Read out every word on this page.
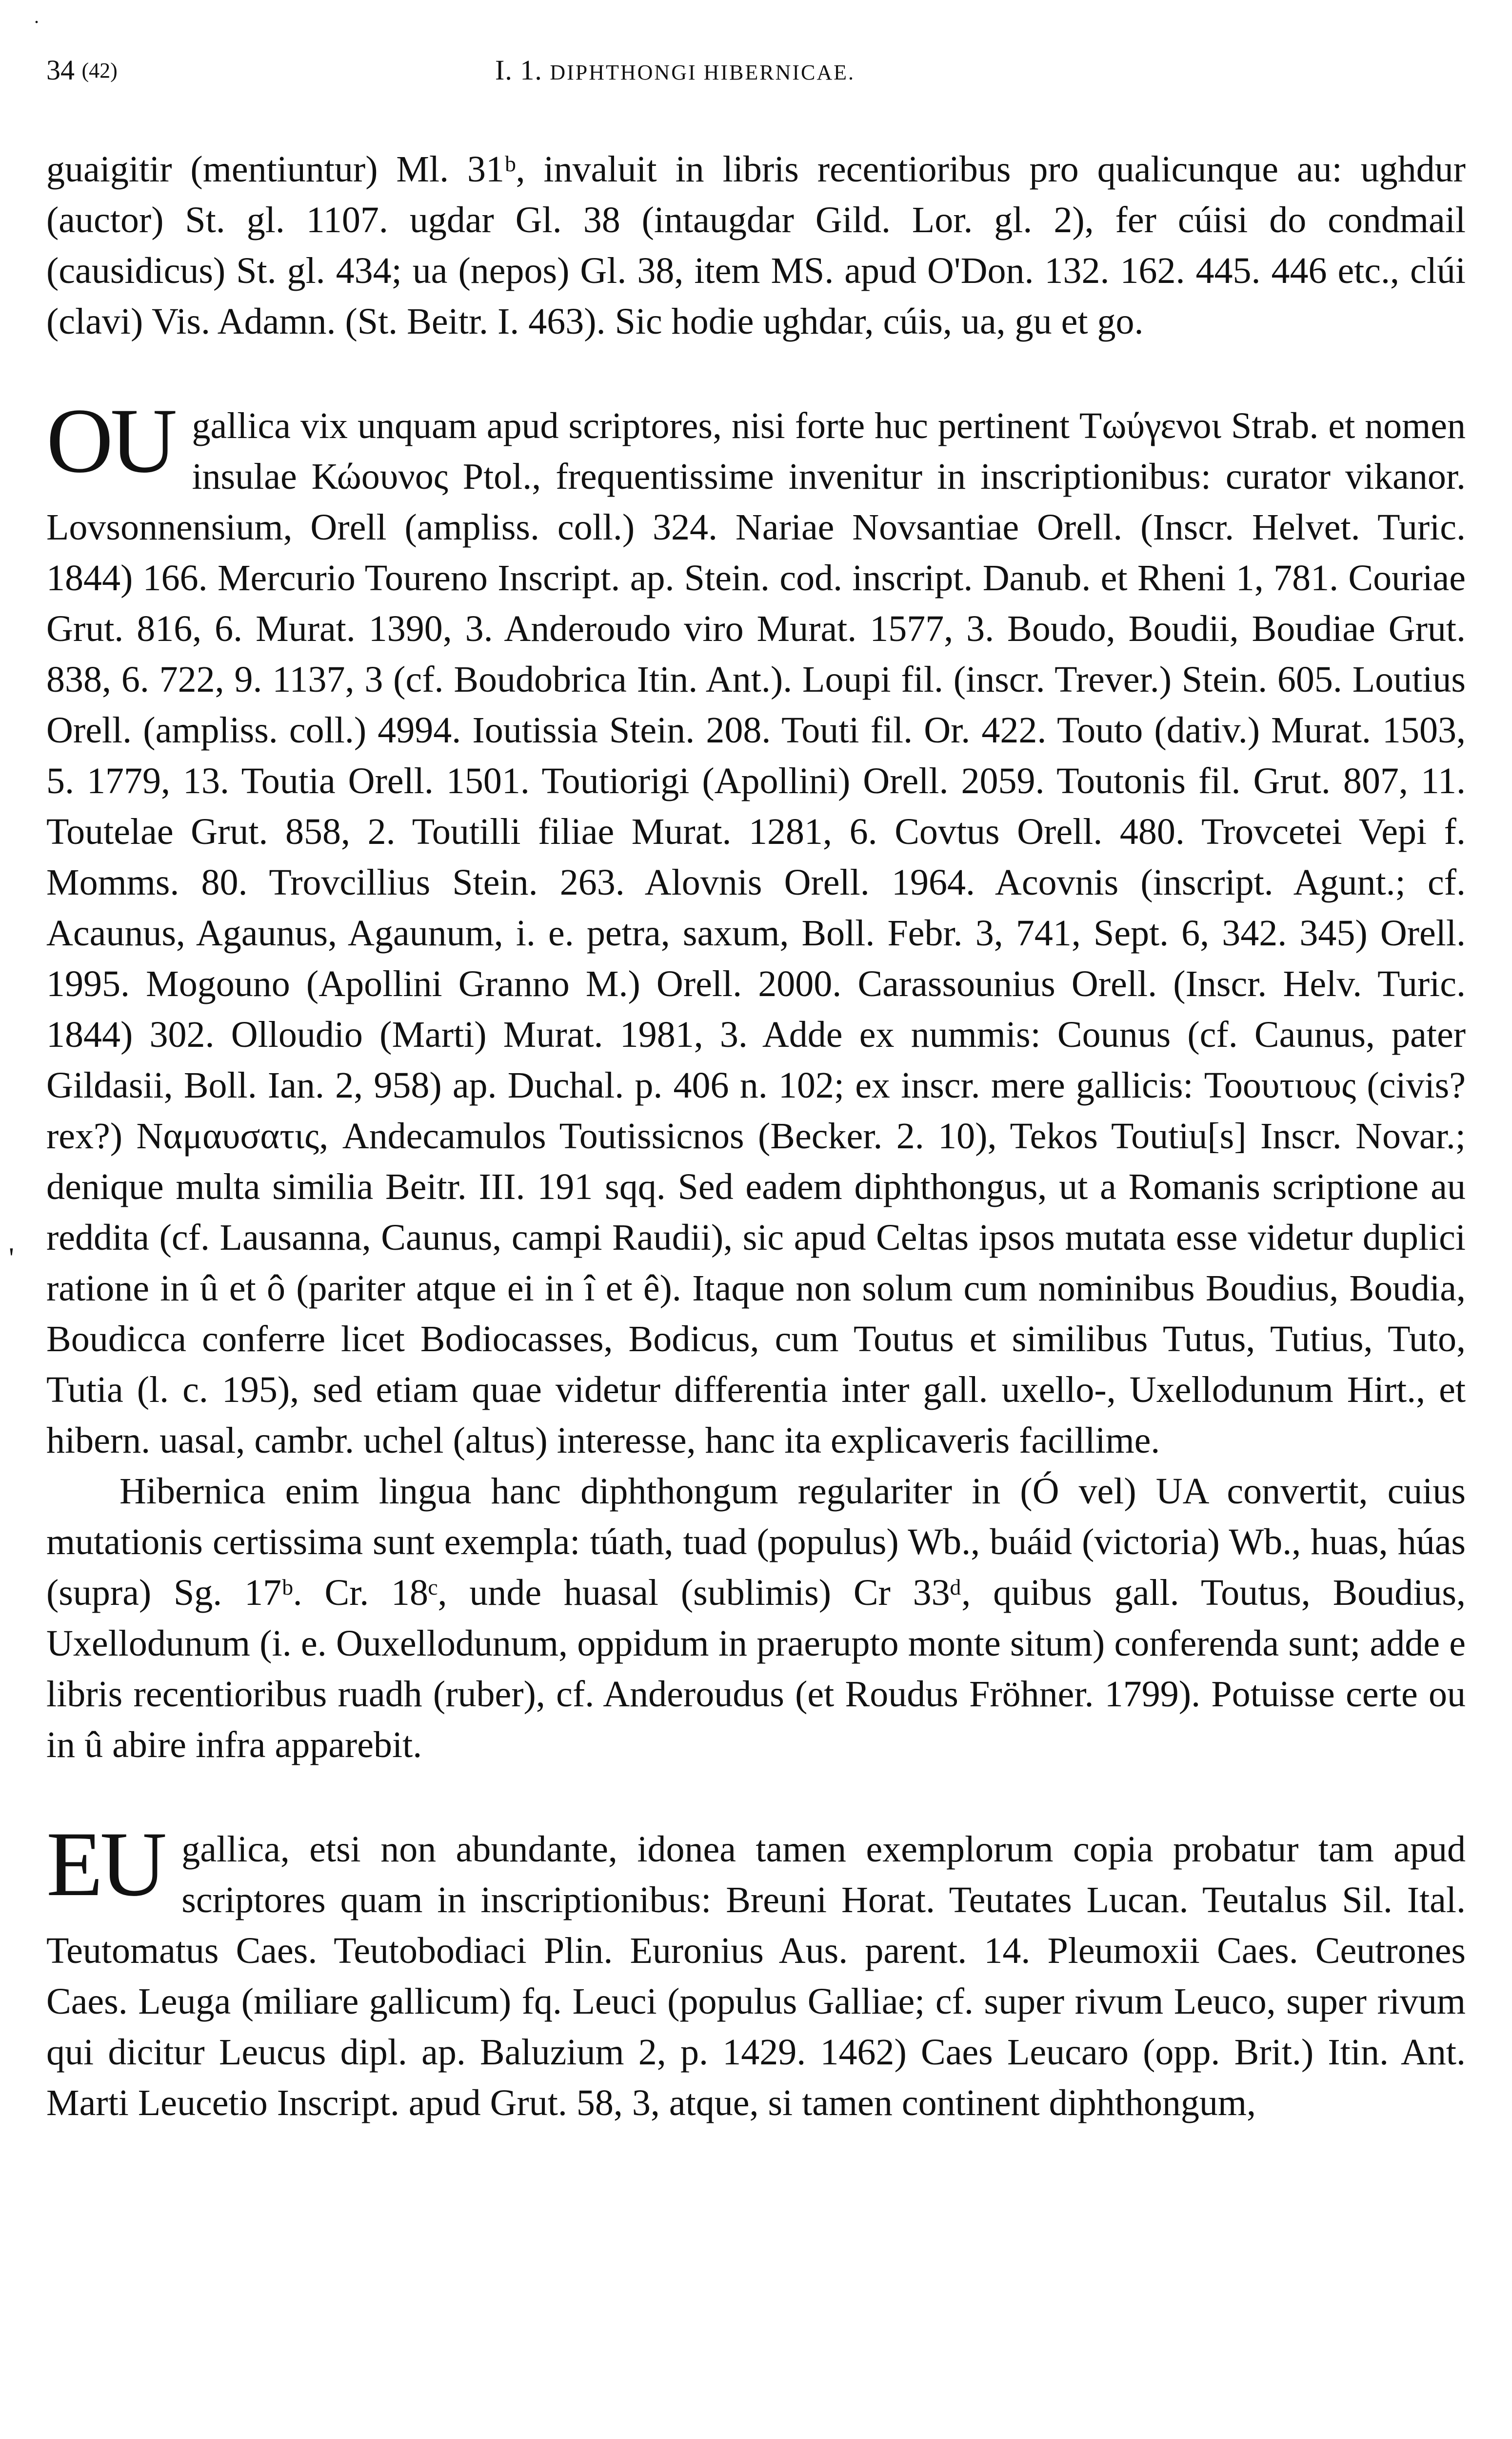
.
34 (42)	I. 1. DIPHTHONGI HIBERNICAE.

guaigitir (mentiuntur) Ml. 31ᵇ, invaluit in libris recentioribus pro qualicunque au: ughdur (auctor) St. gl. 1107. ugdar Gl. 38 (intaugdar Gild. Lor. gl. 2), fer cúisi do condmail (causidicus) St. gl. 434; ua (nepos) Gl. 38, item MS. apud O'Don. 132. 162. 445. 446 etc., clúi (clavi) Vis. Adamn. (St. Beitr. I. 463). Sic hodie ughdar, cúis, ua, gu et go.

OU gallica vix unquam apud scriptores, nisi forte huc pertinent Τωύγενοι Strab. et nomen insulae Κώουνος Ptol., frequentissime invenitur in inscriptionibus: curator vikanor. Lovsonnensium, Orell (ampliss. coll.) 324. Nariae Novsantiae Orell. (Inscr. Helvet. Turic. 1844) 166. Mercurio Toureno Inscript. ap. Stein. cod. inscript. Danub. et Rheni 1, 781. Couriae Grut. 816, 6. Murat. 1390, 3. Anderoudo viro Murat. 1577, 3. Boudo, Boudii, Boudiae Grut. 838, 6. 722, 9. 1137, 3 (cf. Boudobrica Itin. Ant.). Loupi fil. (inscr. Trever.) Stein. 605. Loutius Orell. (ampliss. coll.) 4994. Ioutissia Stein. 208. Touti fil. Or. 422. Touto (dativ.) Murat. 1503, 5. 1779, 13. Toutia Orell. 1501. Toutiorigi (Apollini) Orell. 2059. Toutonis fil. Grut. 807, 11. Toutelae Grut. 858, 2. Toutilli filiae Murat. 1281, 6. Covtus Orell. 480. Trovcetei Vepi f. Momms. 80. Trovcillius Stein. 263. Alovnis Orell. 1964. Acovnis (inscript. Agunt.; cf. Acaunus, Agaunus, Agaunum, i. e. petra, saxum, Boll. Febr. 3, 741, Sept. 6, 342. 345) Orell. 1995. Mogouno (Apollini Granno M.) Orell. 2000. Carassounius Orell. (Inscr. Helv. Turic. 1844) 302. Olloudio (Marti) Murat. 1981, 3. Adde ex nummis: Counus (cf. Caunus, pater Gildasii, Boll. Ian. 2, 958) ap. Duchal. p. 406 n. 102; ex inscr. mere gallicis: Τοουτιους (civis? rex?) Ναμαυσατις, Andecamulos Toutissicnos (Becker. 2. 10), Tekos Toutiu[s] Inscr. Novar.; denique multa similia Beitr. III. 191 sqq. Sed eadem diphthongus, ut a Romanis scriptione au reddita (cf. Lausanna, Caunus, campi Raudii), sic apud Celtas ipsos mutata esse videtur duplici ratione in û et ô (pariter atque ei in î et ê). Itaque non solum cum nominibus Boudius, Boudia, Boudicca conferre licet Bodiocasses, Bodicus, cum Toutus et similibus Tutus, Tutius, Tuto, Tutia (l. c. 195), sed etiam quae videtur differentia inter gall. uxello-, Uxellodunum Hirt., et hibern. uasal, cambr. uchel (altus) interesse, hanc ita explicaveris facillime.

Hibernica enim lingua hanc diphthongum regulariter in (Ó vel) UA convertit, cuius mutationis certissima sunt exempla: túath, tuad (populus) Wb., buáid (victoria) Wb., huas, húas (supra) Sg. 17ᵇ. Cr. 18ᶜ, unde huasal (sublimis) Cr 33ᵈ, quibus gall. Toutus, Boudius, Uxellodunum (i. e. Ouxellodunum, oppidum in praerupto monte situm) conferenda sunt; adde e libris recentioribus ruadh (ruber), cf. Anderoudus (et Roudus Fröhner. 1799). Potuisse certe ou in û abire infra apparebit.

EU gallica, etsi non abundante, idonea tamen exemplorum copia probatur tam apud scriptores quam in inscriptionibus: Breuni Horat. Teutates Lucan. Teutalus Sil. Ital. Teutomatus Caes. Teutobodiaci Plin. Euronius Aus. parent. 14. Pleumoxii Caes. Ceutrones Caes. Leuga (miliare gallicum) fq. Leuci (populus Galliae; cf. super rivum Leuco, super rivum qui dicitur Leucus dipl. ap. Baluzium 2, p. 1429. 1462) Caes Leucaro (opp. Brit.) Itin. Ant. Marti Leucetio Inscript. apud Grut. 58, 3, atque, si tamen continent diphthongum,

'
